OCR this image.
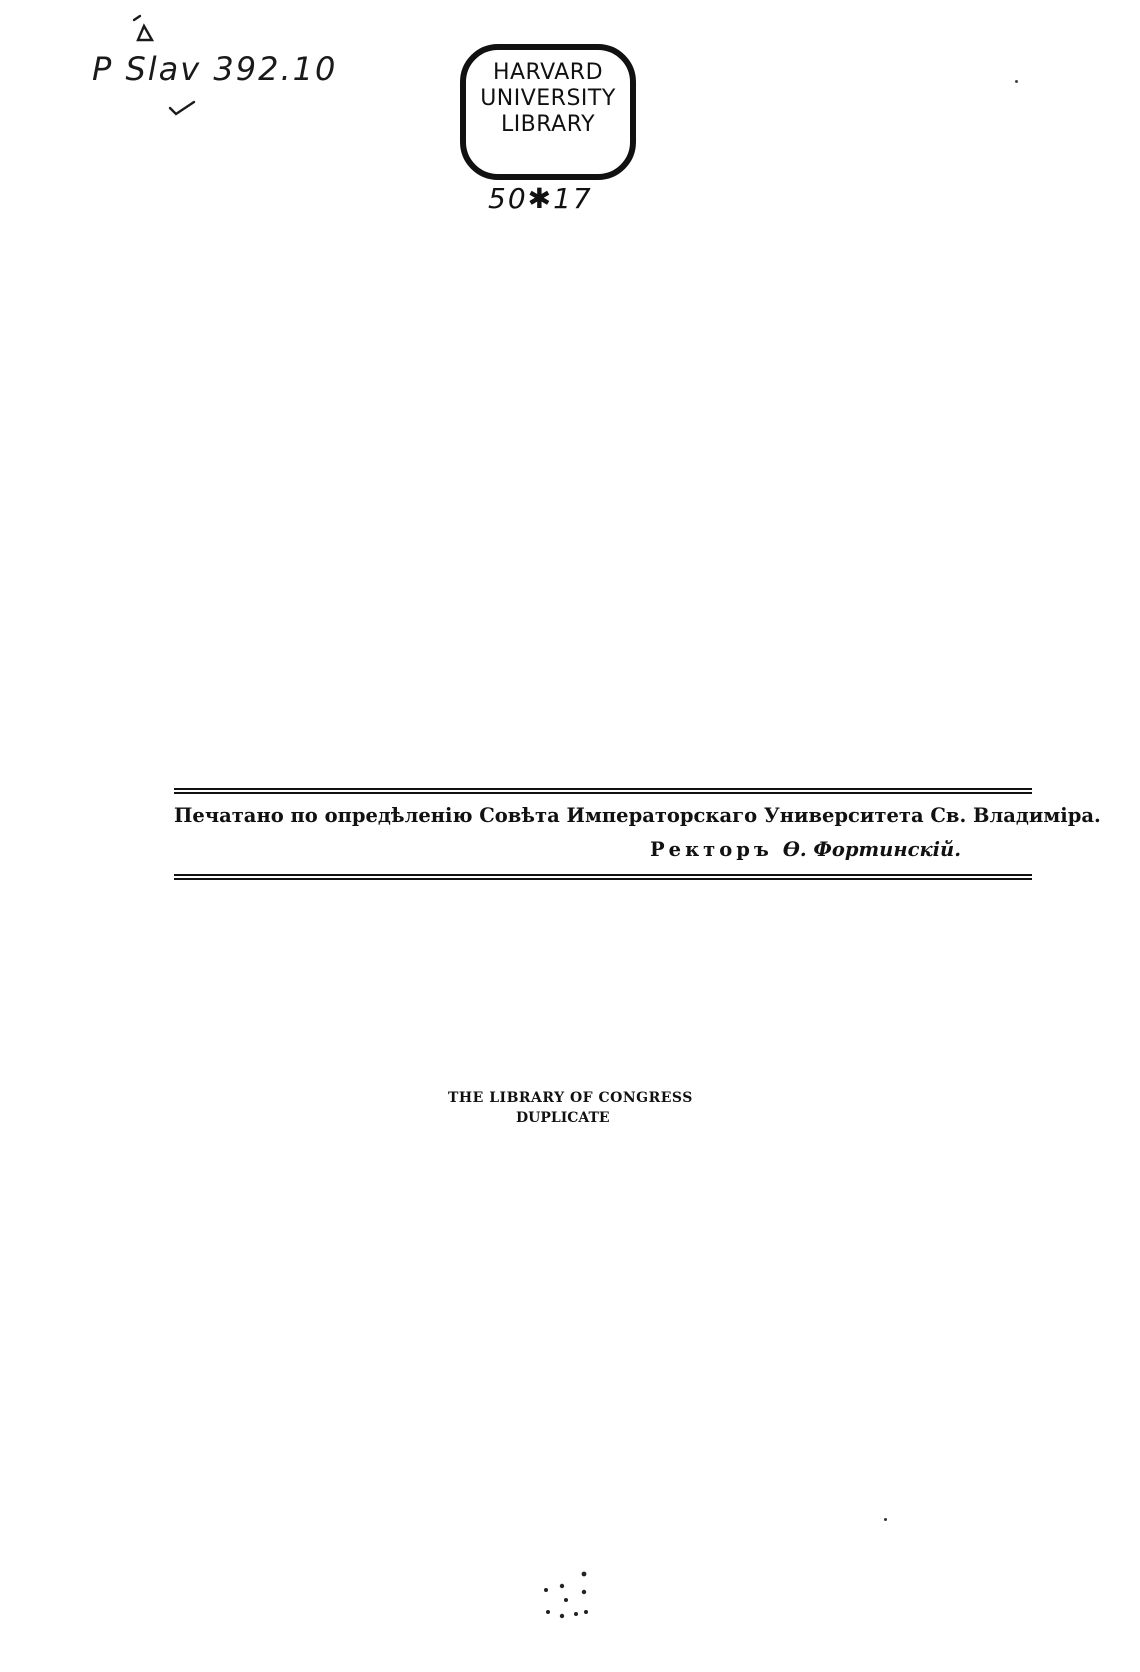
P Slav 392.10	HARVARD
UNIVERSITY
LIBRARY
50✱17
Печатано по опредѣленію Совѣта Императорскаго Университета Св. Владиміра.
Ректоръ Ѳ. Фортинскій.
THE LIBRARY OF CONGRESS
DUPLICATE
